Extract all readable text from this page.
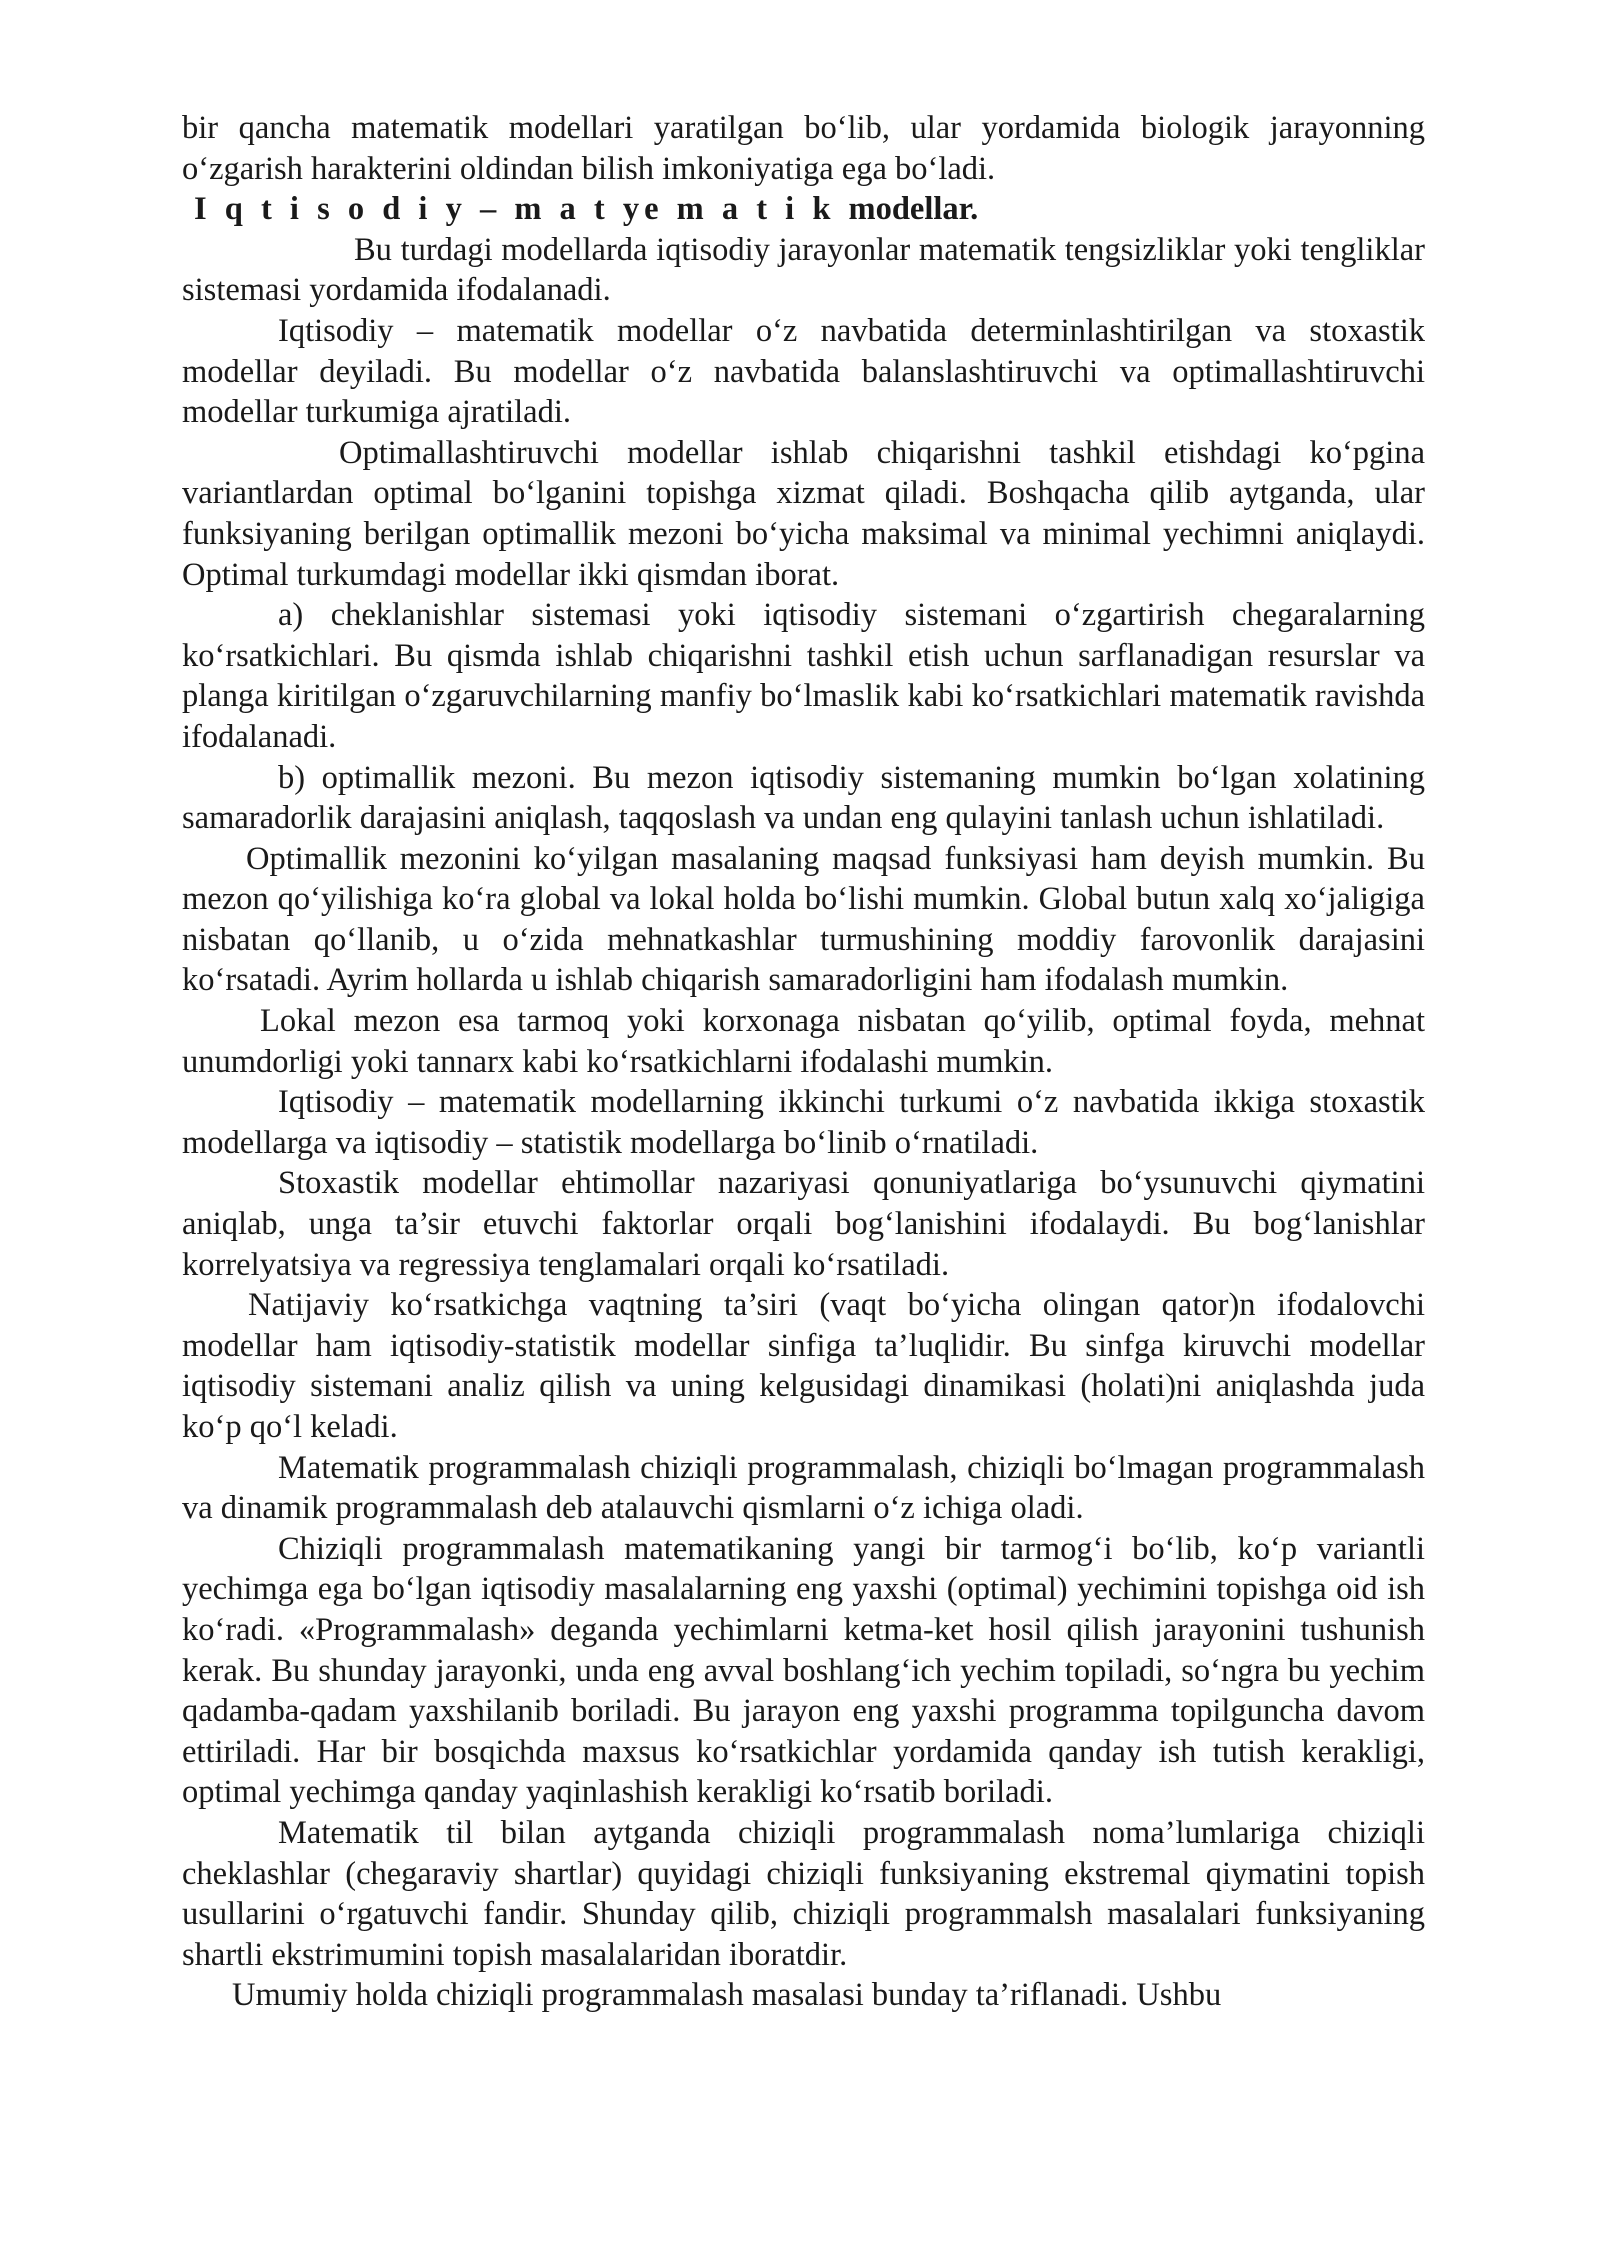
bir qancha matematik modellari yaratilgan bo‘lib, ular yordamida biologik jarayonning o‘zgarish harakterini oldindan bilish imkoniyatiga ega bo‘ladi.

I q t i s o d i y – m a t ye m a t i k modellar.

Bu turdagi modellarda iqtisodiy jarayonlar matematik tengsizliklar yoki tengliklar sistemasi yordamida ifodalanadi.

Iqtisodiy – matematik modellar o‘z navbatida determinlashtirilgan va stoxastik modellar deyiladi. Bu modellar o‘z navbatida balanslashtiruvchi va optimallashtiruvchi modellar turkumiga ajratiladi.

Optimallashtiruvchi modellar ishlab chiqarishni tashkil etishdagi ko‘pgina variantlardan optimal bo‘lganini topishga xizmat qiladi. Boshqacha qilib aytganda, ular funksiyaning berilgan optimallik mezoni bo‘yicha maksimal va minimal yechimni aniqlaydi. Optimal turkumdagi modellar ikki qismdan iborat.

a) cheklanishlar sistemasi yoki iqtisodiy sistemani o‘zgartirish chegaralarning ko‘rsatkichlari. Bu qismda ishlab chiqarishni tashkil etish uchun sarflanadigan resurslar va planga kiritilgan o‘zgaruvchilarning manfiy bo‘lmaslik kabi ko‘rsatkichlari matematik ravishda ifodalanadi.

b) optimallik mezoni. Bu mezon iqtisodiy sistemaning mumkin bo‘lgan xolatining samaradorlik darajasini aniqlash, taqqoslash va undan eng qulayini tanlash uchun ishlatiladi.

Optimallik mezonini ko‘yilgan masalaning maqsad funksiyasi ham deyish mumkin. Bu mezon qo‘yilishiga ko‘ra global va lokal holda bo‘lishi mumkin. Global butun xalq xo‘jaligiga nisbatan qo‘llanib, u o‘zida mehnatkashlar turmushining moddiy farovonlik darajasini ko‘rsatadi. Ayrim hollarda u ishlab chiqarish samaradorligini ham ifodalash mumkin.

Lokal mezon esa tarmoq yoki korxonaga nisbatan qo‘yilib, optimal foyda, mehnat unumdorligi yoki tannarx kabi ko‘rsatkichlarni ifodalashi mumkin.

Iqtisodiy – matematik modellarning ikkinchi turkumi o‘z navbatida ikkiga stoxastik modellarga va iqtisodiy – statistik modellarga bo‘linib o‘rnatiladi.

Stoxastik modellar ehtimollar nazariyasi qonuniyatlariga bo‘ysunuvchi qiymatini aniqlab, unga ta’sir etuvchi faktorlar orqali bog‘lanishini ifodalaydi. Bu bog‘lanishlar korrelyatsiya va regressiya tenglamalari orqali ko‘rsatiladi.

Natijaviy ko‘rsatkichga vaqtning ta’siri (vaqt bo‘yicha olingan qator)n ifodalovchi modellar ham iqtisodiy-statistik modellar sinfiga ta’luqlidir. Bu sinfga kiruvchi modellar iqtisodiy sistemani analiz qilish va uning kelgusidagi dinamikasi (holati)ni aniqlashda juda ko‘p qo‘l keladi.

Matematik programmalash chiziqli programmalash, chiziqli bo‘lmagan programmalash va dinamik programmalash deb atalauvchi qismlarni o‘z ichiga oladi.

Chiziqli programmalash matematikaning yangi bir tarmog‘i bo‘lib, ko‘p variantli yechimga ega bo‘lgan iqtisodiy masalalarning eng yaxshi (optimal) yechimini topishga oid ish ko‘radi. «Programmalash» deganda yechimlarni ketma-ket hosil qilish jarayonini tushunish kerak. Bu shunday jarayonki, unda eng avval boshlang‘ich yechim topiladi, so‘ngra bu yechim qadamba-qadam yaxshilanib boriladi. Bu jarayon eng yaxshi programma topilguncha davom ettiriladi. Har bir bosqichda maxsus ko‘rsatkichlar yordamida qanday ish tutish kerakligi, optimal yechimga qanday yaqinlashish kerakligi ko‘rsatib boriladi.

Matematik til bilan aytganda chiziqli programmalash noma’lumlariga chiziqli cheklashlar (chegaraviy shartlar) quyidagi chiziqli funksiyaning ekstremal qiymatini topish usullarini o‘rgatuvchi fandir. Shunday qilib, chiziqli programmalsh masalalari funksiyaning shartli ekstrimumini topish masalalaridan iboratdir.

Umumiy holda chiziqli programmalash masalasi bunday ta’riflanadi. Ushbu
